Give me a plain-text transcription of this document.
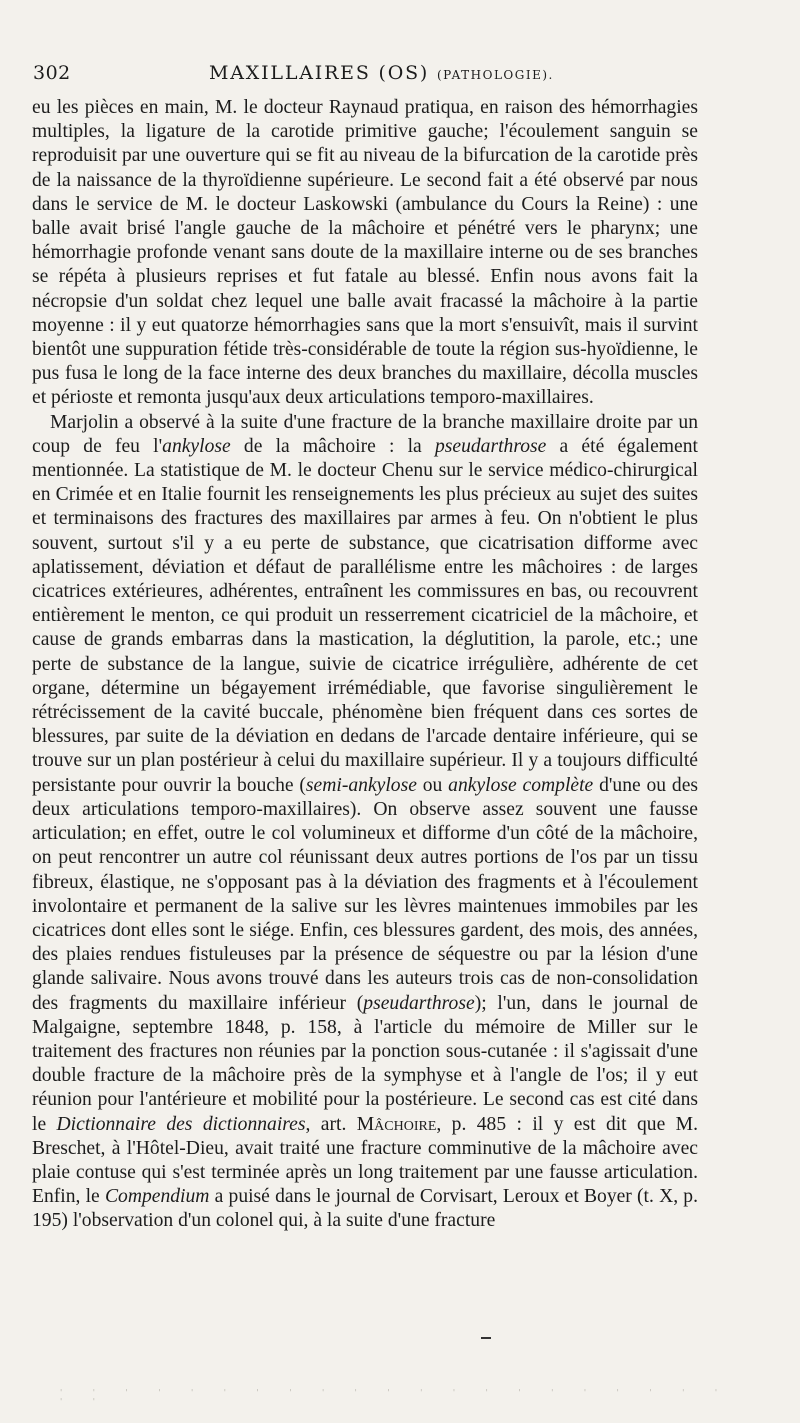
302	MAXILLAIRES (OS) (PATHOLOGIE).

eu les pièces en main, M. le docteur Raynaud pratiqua, en raison des hémorrhagies multiples, la ligature de la carotide primitive gauche; l'écoulement sanguin se reproduisit par une ouverture qui se fit au niveau de la bifurcation de la carotide près de la naissance de la thyroïdienne supérieure. Le second fait a été observé par nous dans le service de M. le docteur Laskowski (ambulance du Cours la Reine) : une balle avait brisé l'angle gauche de la mâchoire et pénétré vers le pharynx; une hémorrhagie profonde venant sans doute de la maxillaire interne ou de ses branches se répéta à plusieurs reprises et fut fatale au blessé. Enfin nous avons fait la nécropsie d'un soldat chez lequel une balle avait fracassé la mâchoire à la partie moyenne : il y eut quatorze hémorrhagies sans que la mort s'ensuivît, mais il survint bientôt une suppuration fétide très-considérable de toute la région sus-hyoïdienne, le pus fusa le long de la face interne des deux branches du maxillaire, décolla muscles et périoste et remonta jusqu'aux deux articulations temporo-maxillaires.

Marjolin a observé à la suite d'une fracture de la branche maxillaire droite par un coup de feu l'ankylose de la mâchoire : la pseudarthrose a été également mentionnée. La statistique de M. le docteur Chenu sur le service médico-chirurgical en Crimée et en Italie fournit les renseignements les plus précieux au sujet des suites et terminaisons des fractures des maxillaires par armes à feu. On n'obtient le plus souvent, surtout s'il y a eu perte de substance, que cicatrisation difforme avec aplatissement, déviation et défaut de parallélisme entre les mâchoires : de larges cicatrices extérieures, adhérentes, entraînent les commissures en bas, ou recouvrent entièrement le menton, ce qui produit un resserrement cicatriciel de la mâchoire, et cause de grands embarras dans la mastication, la déglutition, la parole, etc.; une perte de substance de la langue, suivie de cicatrice irrégulière, adhérente de cet organe, détermine un bégayement irrémédiable, que favorise singulièrement le rétrécissement de la cavité buccale, phénomène bien fréquent dans ces sortes de blessures, par suite de la déviation en dedans de l'arcade dentaire inférieure, qui se trouve sur un plan postérieur à celui du maxillaire supérieur. Il y a toujours difficulté persistante pour ouvrir la bouche (semi-ankylose ou ankylose complète d'une ou des deux articulations temporo-maxillaires). On observe assez souvent une fausse articulation; en effet, outre le col volumineux et difforme d'un côté de la mâchoire, on peut rencontrer un autre col réunissant deux autres portions de l'os par un tissu fibreux, élastique, ne s'opposant pas à la déviation des fragments et à l'écoulement involontaire et permanent de la salive sur les lèvres maintenues immobiles par les cicatrices dont elles sont le siége. Enfin, ces blessures gardent, des mois, des années, des plaies rendues fistuleuses par la présence de séquestre ou par la lésion d'une glande salivaire. Nous avons trouvé dans les auteurs trois cas de non-consolidation des fragments du maxillaire inférieur (pseudarthrose); l'un, dans le journal de Malgaigne, septembre 1848, p. 158, à l'article du mémoire de Miller sur le traitement des fractures non réunies par la ponction sous-cutanée : il s'agissait d'une double fracture de la mâchoire près de la symphyse et à l'angle de l'os; il y eut réunion pour l'antérieure et mobilité pour la postérieure. Le second cas est cité dans le Dictionnaire des dictionnaires, art. Mâchoire, p. 485 : il y est dit que M. Breschet, à l'Hôtel-Dieu, avait traité une fracture comminutive de la mâchoire avec plaie contuse qui s'est terminée après un long traitement par une fausse articulation. Enfin, le Compendium a puisé dans le journal de Corvisart, Leroux et Boyer (t. X, p. 195) l'observation d'un colonel qui, à la suite d'une fracture

' ' ' ' ' ' ' ' ' ' ' ' ' ' ' ' ' ' ' ' ' ' '
